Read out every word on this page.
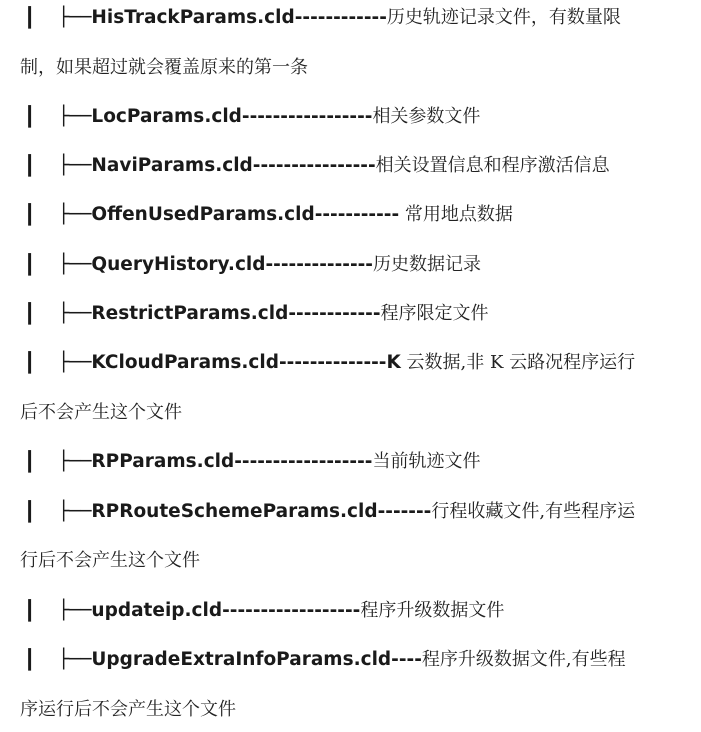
┃ ├──HisTrackParams.cld------------历史轨迹记录文件，有数量限
制，如果超过就会覆盖原来的第一条
┃ ├──LocParams.cld-----------------相关参数文件
┃ ├──NaviParams.cld----------------相关设置信息和程序激活信息
┃ ├──OffenUsedParams.cld----------- 常用地点数据
┃ ├──QueryHistory.cld--------------历史数据记录
┃ ├──RestrictParams.cld------------程序限定文件
┃ ├──KCloudParams.cld--------------K 云数据,非 K 云路况程序运行
后不会产生这个文件
┃ ├──RPParams.cld------------------当前轨迹文件
┃ ├──RPRouteSchemeParams.cld-------行程收藏文件,有些程序运
行后不会产生这个文件
┃ ├──updateip.cld------------------程序升级数据文件
┃ ├──UpgradeExtraInfoParams.cld----程序升级数据文件,有些程
序运行后不会产生这个文件
